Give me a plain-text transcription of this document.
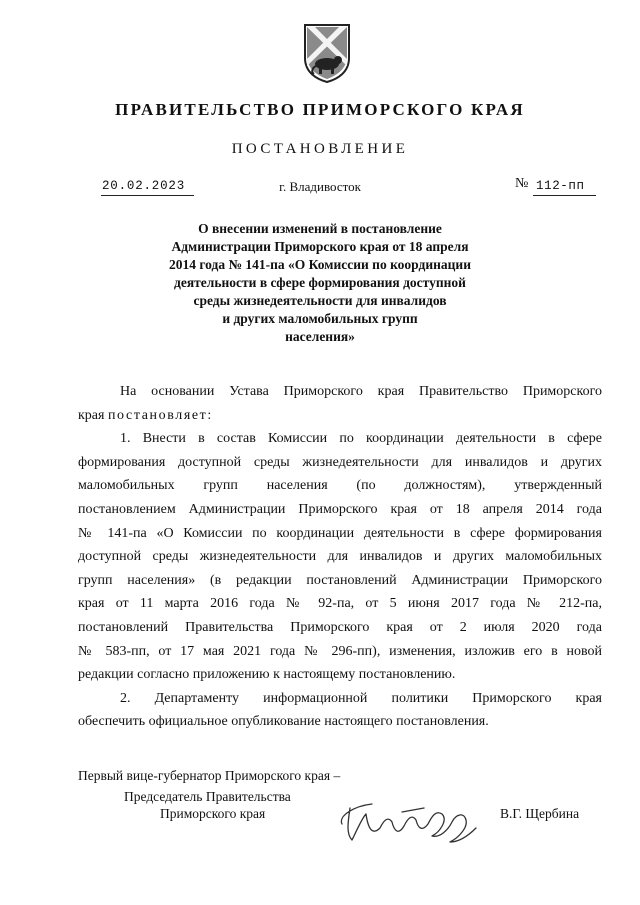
ПРАВИТЕЛЬСТВО ПРИМОРСКОГО КРАЯ
ПОСТАНОВЛЕНИЕ
20.02.2023	г. Владивосток	№ 112-пп
О внесении изменений в постановление
Администрации Приморского края от 18 апреля
2014 года № 141-па «О Комиссии по координации
деятельности в сфере формирования доступной
среды жизнедеятельности для инвалидов
и других маломобильных групп
населения»
На основании Устава Приморского края Правительство Приморского
края постановляет:
1. Внести в состав Комиссии по координации деятельности в сфере
формирования доступной среды жизнедеятельности для инвалидов и других
маломобильных групп населения (по должностям), утвержденный
постановлением Администрации Приморского края от 18 апреля 2014 года
№ 141-па «О Комиссии по координации деятельности в сфере формирования
доступной среды жизнедеятельности для инвалидов и других маломобильных
групп населения» (в редакции постановлений Администрации Приморского
края от 11 марта 2016 года № 92-па, от 5 июня 2017 года № 212-па,
постановлений Правительства Приморского края от 2 июля 2020 года
№ 583-пп, от 17 мая 2021 года № 296-пп), изменения, изложив его в новой
редакции согласно приложению к настоящему постановлению.
2. Департаменту информационной политики Приморского края
обеспечить официальное опубликование настоящего постановления.
Первый вице-губернатор Приморского края –
Председатель Правительства
Приморского края	В.Г. Щербина
